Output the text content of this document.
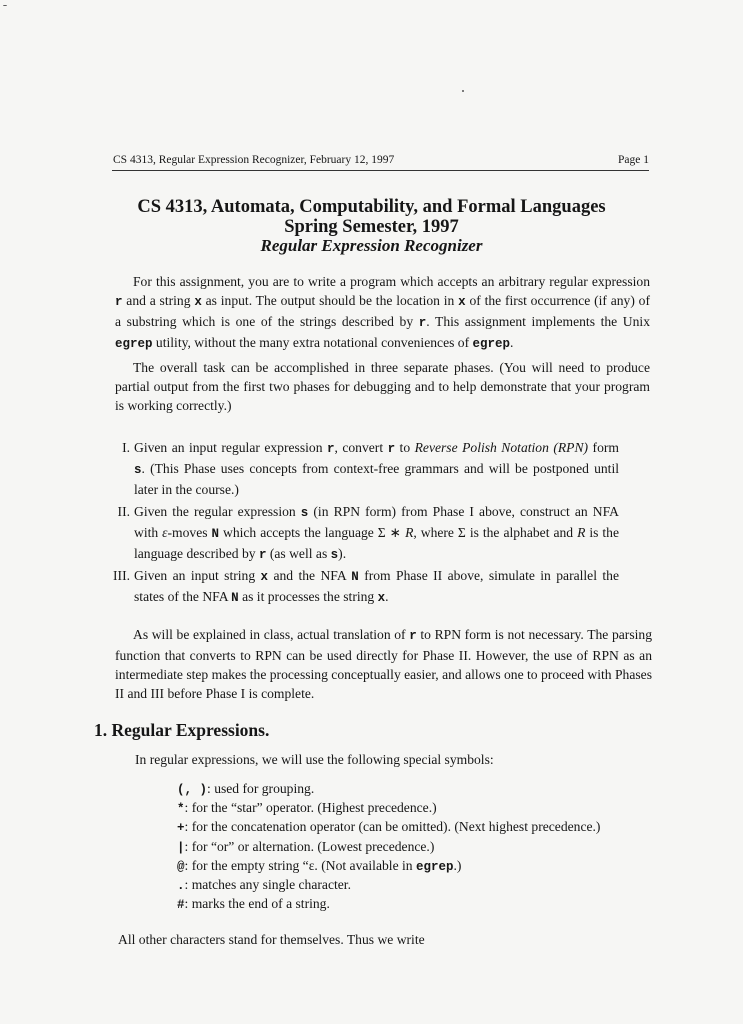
CS 4313, Regular Expression Recognizer, February 12, 1997	Page 1
CS 4313, Automata, Computability, and Formal Languages
Spring Semester, 1997
Regular Expression Recognizer
For this assignment, you are to write a program which accepts an arbitrary regular expression r and a string x as input. The output should be the location in x of the first occurrence (if any) of a substring which is one of the strings described by r. This assignment implements the Unix egrep utility, without the many extra notational conveniences of egrep.
The overall task can be accomplished in three separate phases. (You will need to produce partial output from the first two phases for debugging and to help demonstrate that your program is working correctly.)
I. Given an input regular expression r, convert r to Reverse Polish Notation (RPN) form s. (This Phase uses concepts from context-free grammars and will be postponed until later in the course.)
II. Given the regular expression s (in RPN form) from Phase I above, construct an NFA with ε-moves N which accepts the language Σ ∗ R, where Σ is the alphabet and R is the language described by r (as well as s).
III. Given an input string x and the NFA N from Phase II above, simulate in parallel the states of the NFA N as it processes the string x.
As will be explained in class, actual translation of r to RPN form is not necessary. The parsing function that converts to RPN can be used directly for Phase II. However, the use of RPN as an intermediate step makes the processing conceptually easier, and allows one to proceed with Phases II and III before Phase I is complete.
1. Regular Expressions.
In regular expressions, we will use the following special symbols:
(, ): used for grouping.
*: for the “star” operator. (Highest precedence.)
+: for the concatenation operator (can be omitted). (Next highest precedence.)
|: for “or” or alternation. (Lowest precedence.)
@: for the empty string “ε. (Not available in egrep.)
.: matches any single character.
#: marks the end of a string.
All other characters stand for themselves. Thus we write
